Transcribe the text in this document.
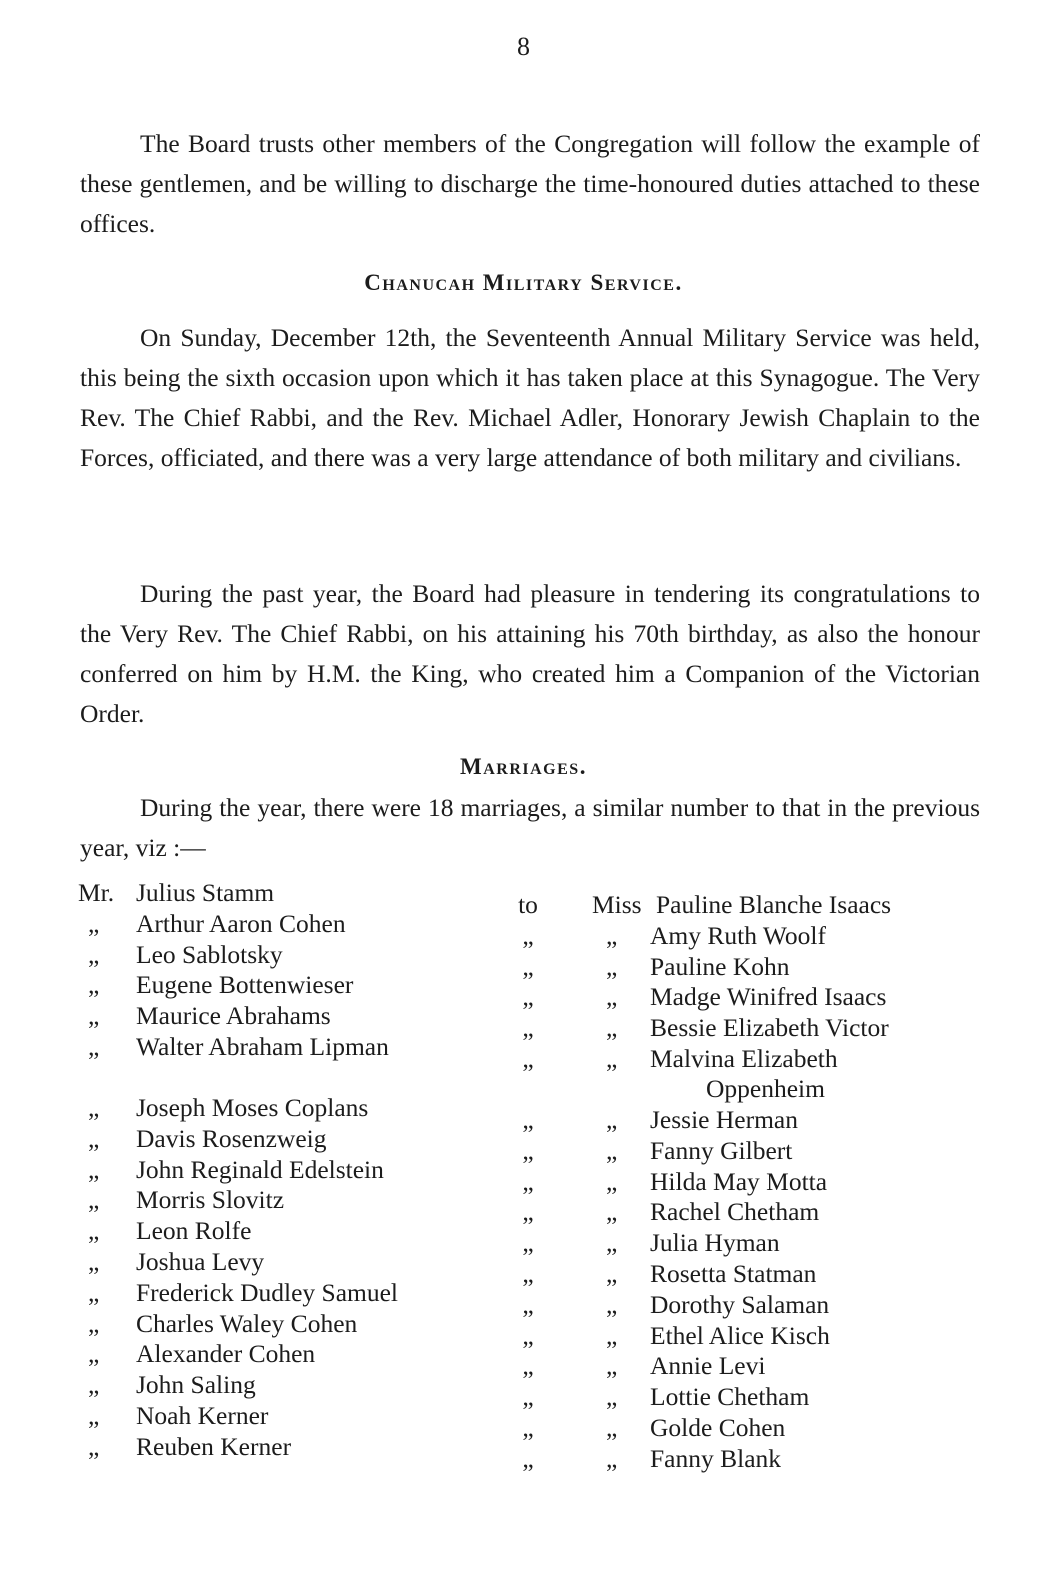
8

The Board trusts other members of the Congregation will follow the example of these gentlemen, and be willing to discharge the time-honoured duties attached to these offices.

Chanucah Military Service.

On Sunday, December 12th, the Seventeenth Annual Military Service was held, this being the sixth occasion upon which it has taken place at this Synagogue. The Very Rev. The Chief Rabbi, and the Rev. Michael Adler, Honorary Jewish Chaplain to the Forces, officiated, and there was a very large attendance of both military and civilians.

During the past year, the Board had pleasure in tendering its congratulations to the Very Rev. The Chief Rabbi, on his attaining his 70th birthday, as also the honour conferred on him by H.M. the King, who created him a Companion of the Victorian Order.

Marriages.

During the year, there were 18 marriages, a similar number to that in the previous year, viz :—

Mr. Julius Stamm	to	Miss Pauline Blanche Isaacs
„	Arthur Aaron Cohen	„	„ Amy Ruth Woolf
„	Leo Sablotsky	„	„ Pauline Kohn
„	Eugene Bottenwieser	„	„ Madge Winifred Isaacs
„	Maurice Abrahams	„	„ Bessie Elizabeth Victor
„	Walter Abraham Lipman	„	„ Malvina Elizabeth
Oppenheim
„	Joseph Moses Coplans	„	„ Jessie Herman
„	Davis Rosenzweig	„	„ Fanny Gilbert
„	John Reginald Edelstein	„	„ Hilda May Motta
„	Morris Slovitz	„	„ Rachel Chetham
„	Leon Rolfe	„	„ Julia Hyman
„	Joshua Levy	„	„ Rosetta Statman
„	Frederick Dudley Samuel	„	„ Dorothy Salaman
„	Charles Waley Cohen	„	„ Ethel Alice Kisch
„	Alexander Cohen	„	„ Annie Levi
„	John Saling	„	„ Lottie Chetham
„	Noah Kerner	„	„ Golde Cohen
„	Reuben Kerner	„	„ Fanny Blank
